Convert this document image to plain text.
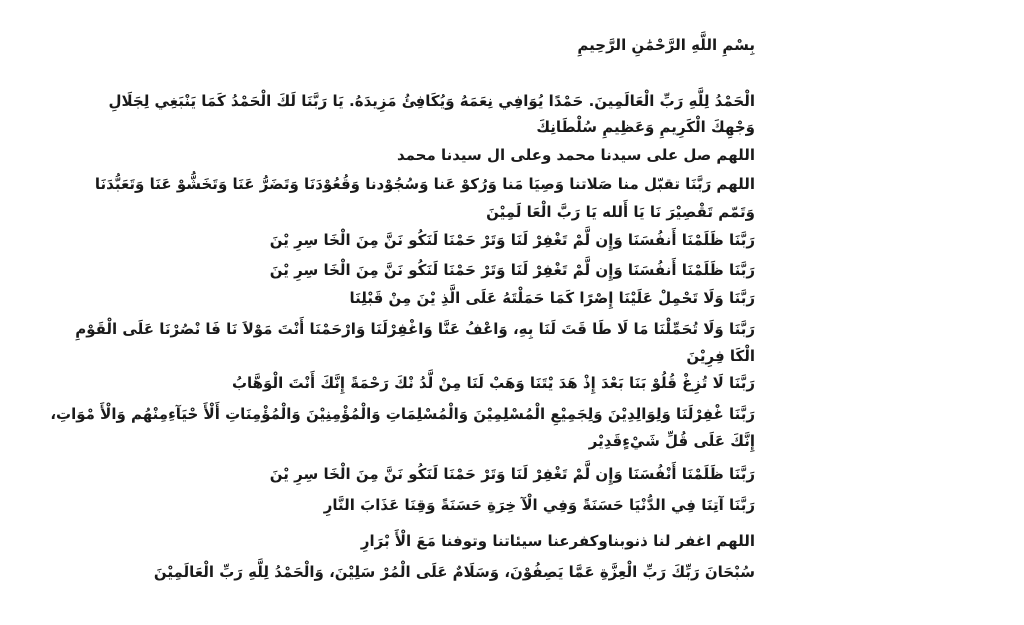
بِسْمِ اللَّهِ الرَّحْمَٰنِ الرَّحِيمِ
الْحَمْدُ لِلَّهِ رَبِّ الْعَالَمِينَ. حَمْدًا يُوَافِي نِعَمَهُ وَيُكَافِئُ مَزِيدَهُ. يَا رَبَّنَا لَكَ الْحَمْدُ كَمَا يَنْبَغِي لِجَلَالِ
وَجْهِكَ الْكَرِيمِ وَعَظِيمِ سُلْطَانِكَ
اللهم صل على سيدنا محمد وعلى ال سيدنا محمد
اللهم رَبَّنَا تقبّل منا صَلاتنا وَصِيَا مَنا وَرُكوْ عَنا وَسُجُوْدنا وَقُعُوْدَنَا وَتَضَرُّ عَنَا وَتَخَشُّوْ عَنَا وَتَعَبُّدَنَا
وَتَمّم تَقْصِيْرَ نَا يَا أَلله يَا رَبَّ الْعَا لَمِيْنَ
رَبَّنَا ظَلَمْنَا أَنفُسَنَا وَإِن لَّمْ تَغْفِرْ لَنَا وَتَرْ حَمْنَا لَنَكُو نَنَّ مِنَ الْخَا سِرِ يْنَ
رَبَّنَا ظَلَمْنَا أَنفُسَنَا وَإِن لَّمْ تَغْفِرْ لَنَا وَتَرْ حَمْنَا لَنَكُو نَنَّ مِنَ الْخَا سِرِ يْنَ
رَبَّنَا وَلَا تَحْمِلْ عَلَيْنَا إِصْرًا كَمَا حَمَلْتَهُ عَلَى الَّذِ يْنَ مِنْ قَبْلِنَا
رَبَّنَا وَلَا تُحَمِّلْنَا مَا لَا طَا قَتَ لَنَا بِهِ، وَاعْفُ عَنَّا وَاغْفِرْلَنَا وَارْحَمْنَا أَنْتَ مَوْلاَ نَا فَا نْصُرْنَا عَلَى الْقَوْمِ
الْكَا فِرِيْنَ
رَبَّنَا لَا تُزِغْ قُلُوْ بَنَا بَعْدَ إِذْ هَدَ يْتَنَا وَهَبْ لَنَا مِنْ لَّدُ نْكَ رَحْمَةً إِنَّكَ أَنْتَ الْوَهَّابُ
رَبَّنَا غْفِرْلَنَا وَلِوَالِدِيْنَ وَلِجَمِيْعِ الْمُسْلِمِيْنَ وَالْمُسْلِمَاتِ وَالْمُؤْمِنِيْنَ وَالْمُؤْمِنَاتِ أَلْأَ حْيَآءِمِنْهُم وَالْأَ مْوَاتِ،
إِنَّكَ عَلَى قُلِّ شَيْءٍقَدِيْر
رَبَّنَا ظَلَمْنَا أَنْفُسَنَا وَإِن لَّمْ تَغْفِرْ لَنَا وَتَرْ حَمْنَا لَنَكُو نَنَّ مِنَ الْخَا سِرِ يْنَ
رَبَّنَا آتِنَا فِي الدُّنْيَا حَسَنَةً وَفِي الْآ خِرَةِ حَسَنَةً وَقِنَا عَذَابَ النَّارِ
اللهم اغفر لنا ذنوبناوكفرعنا سيئاتنا وتوفنا مَعَ الْأَ بْرَارِ
سُبْحَانَ رَبِّكَ رَبِّ الْعِزَّةِ عَمَّا يَصِفُوْنَ، وَسَلَامٌ عَلَى الْمُرْ سَلِيْنَ، وَالْحَمْدُ لِلَّهِ رَبِّ الْعَالَمِيْنَ
